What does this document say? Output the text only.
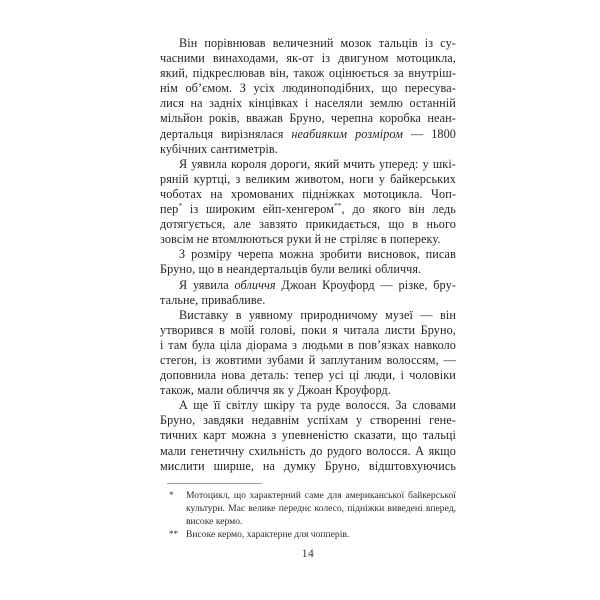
Він порівнював величезний мозок тальців із су-
часними винаходами, як-от із двигуном мотоцикла,
який, підкреслював він, також оцінюється за внутріш-
нім об’ємом. З усіх людиноподібних, що пересува-
лися на задніх кінцівках і населяли землю останній
мільйон років, вважав Бруно, черепна коробка неан-
дертальця вирізнялася неабияким розміром — 1800
кубічних сантиметрів.
Я уявила короля дороги, який мчить уперед: у шкі-
ряній куртці, з великим животом, ноги у байкерських
чоботах на хромованих підніжках мотоцикла. Чоп-
пер* із широким ейп-хенгером**, до якого він ледь
дотягується, але завзято прикидається, що в нього
зовсім не втомлюються руки й не стріляє в попереку.
З розміру черепа можна зробити висновок, писав
Бруно, що в неандертальців були великі обличчя.
Я уявила обличчя Джоан Кроуфорд — різке, бру-
тальне, привабливе.
Виставку в уявному природничому музеї — він
утворився в моїй голові, поки я читала листи Бруно,
і там була ціла діорама з людьми в пов’язках навколо
стегон, із жовтими зубами й заплутаним волоссям, —
доповнила нова деталь: тепер усі ці люди, і чоловіки
також, мали обличчя як у Джоан Кроуфорд.
А ще її світлу шкіру та руде волосся. За словами
Бруно, завдяки недавнім успіхам у створенні гене-
тичних карт можна з упевненістю сказати, що тальці
мали генетичну схильність до рудого волосся. А якщо
мислити ширше, на думку Бруно, відштовхуючись
*	Мотоцикл, що характерний саме для американської байкерської
культури. Має велике переднє колесо, підніжки виведені вперед,
високе кермо.
** Високе кермо, характерне для чопперів.
14
